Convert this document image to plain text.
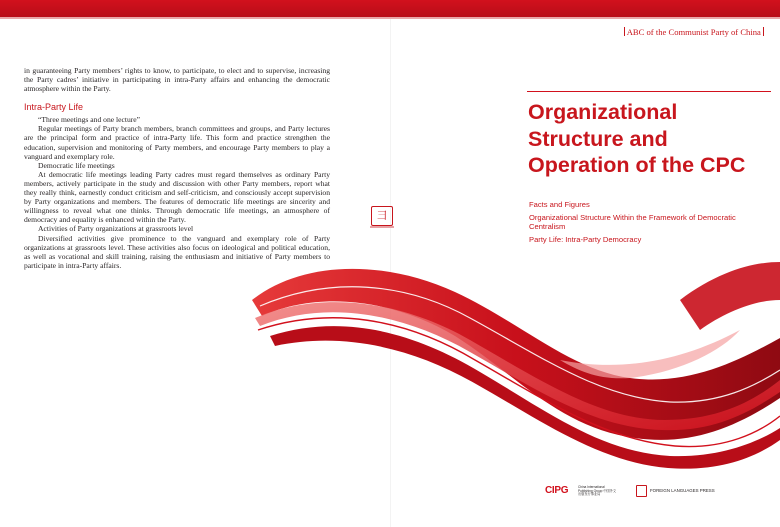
in guaranteeing Party members’ rights to know, to participate, to elect and to supervise, increasing the Party cadres’ initiative in participating in intra-Party affairs and enhancing the democratic atmosphere within the Party.

Intra-Party Life

“Three meetings and one lecture”

Regular meetings of Party branch members, branch committees and groups, and Party lectures are the principal form and practice of intra-Party life. This form and practice strengthen the education, supervision and monitoring of Party members, and encourage Party members to play a vanguard and exemplary role.

Democratic life meetings

At democratic life meetings leading Party cadres must regard themselves as ordinary Party members, actively participate in the study and discussion with other Party members, report what they really think, earnestly conduct criticism and self-criticism, and consciously accept supervision by Party organizations and members. The features of democratic life meetings are sincerity and willingness to reveal what one thinks. Through democratic life meetings, an atmosphere of democracy and equality is enhanced within the Party.

Activities of Party organizations at grassroots level

Diversified activities give prominence to the vanguard and exemplary role of Party organizations at grassroots level. These activities also focus on ideological and political education, as well as vocational and skill training, raising the enthusiasm and initiative of Party members to participate in intra-Party affairs.

彐
ABC of the Communist Party of China
Organizational
Structure and
Operation of the CPC
Facts and Figures
Organizational Structure Within the Framework of Democratic Centralism
Party Life: Intra-Party Democracy
CIPG	China International Publishing Group 中国外文出版发行事业局
FOREIGN LANGUAGES PRESS
